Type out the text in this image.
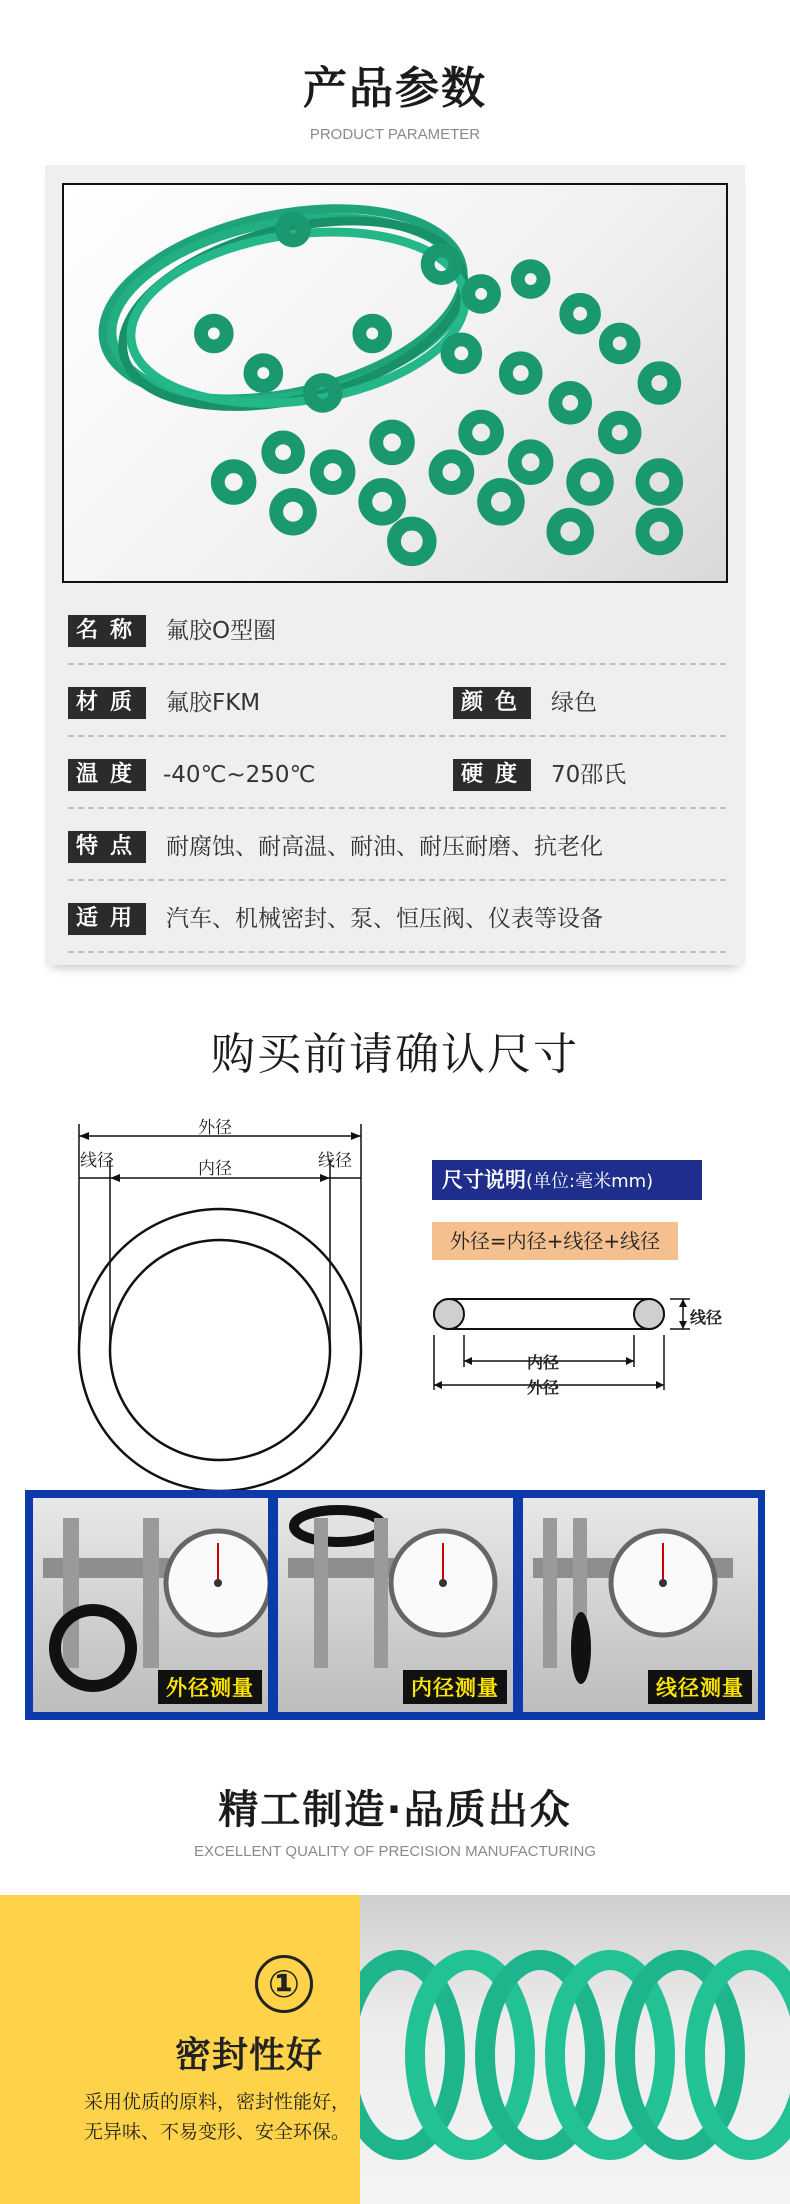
产品参数
PRODUCT PARAMETER
名称 氟胶O型圈
材质 氟胶FKM	颜色 绿色
温度 -40℃~250℃	硬度 70邵氏
特点 耐腐蚀、耐高温、耐油、耐压耐磨、抗老化
适用 汽车、机械密封、泵、恒压阀、仪表等设备
购买前请确认尺寸
外径
内径
线径	线径
尺寸说明(单位:毫米mm)
外径=内径+线径+线径
线径
内径
外径
外径测量	内径测量	线径测量
精工制造·品质出众
EXCELLENT QUALITY OF PRECISION MANUFACTURING
①
密封性好
采用优质的原料，密封性能好，
无异味、不易变形、安全环保。
